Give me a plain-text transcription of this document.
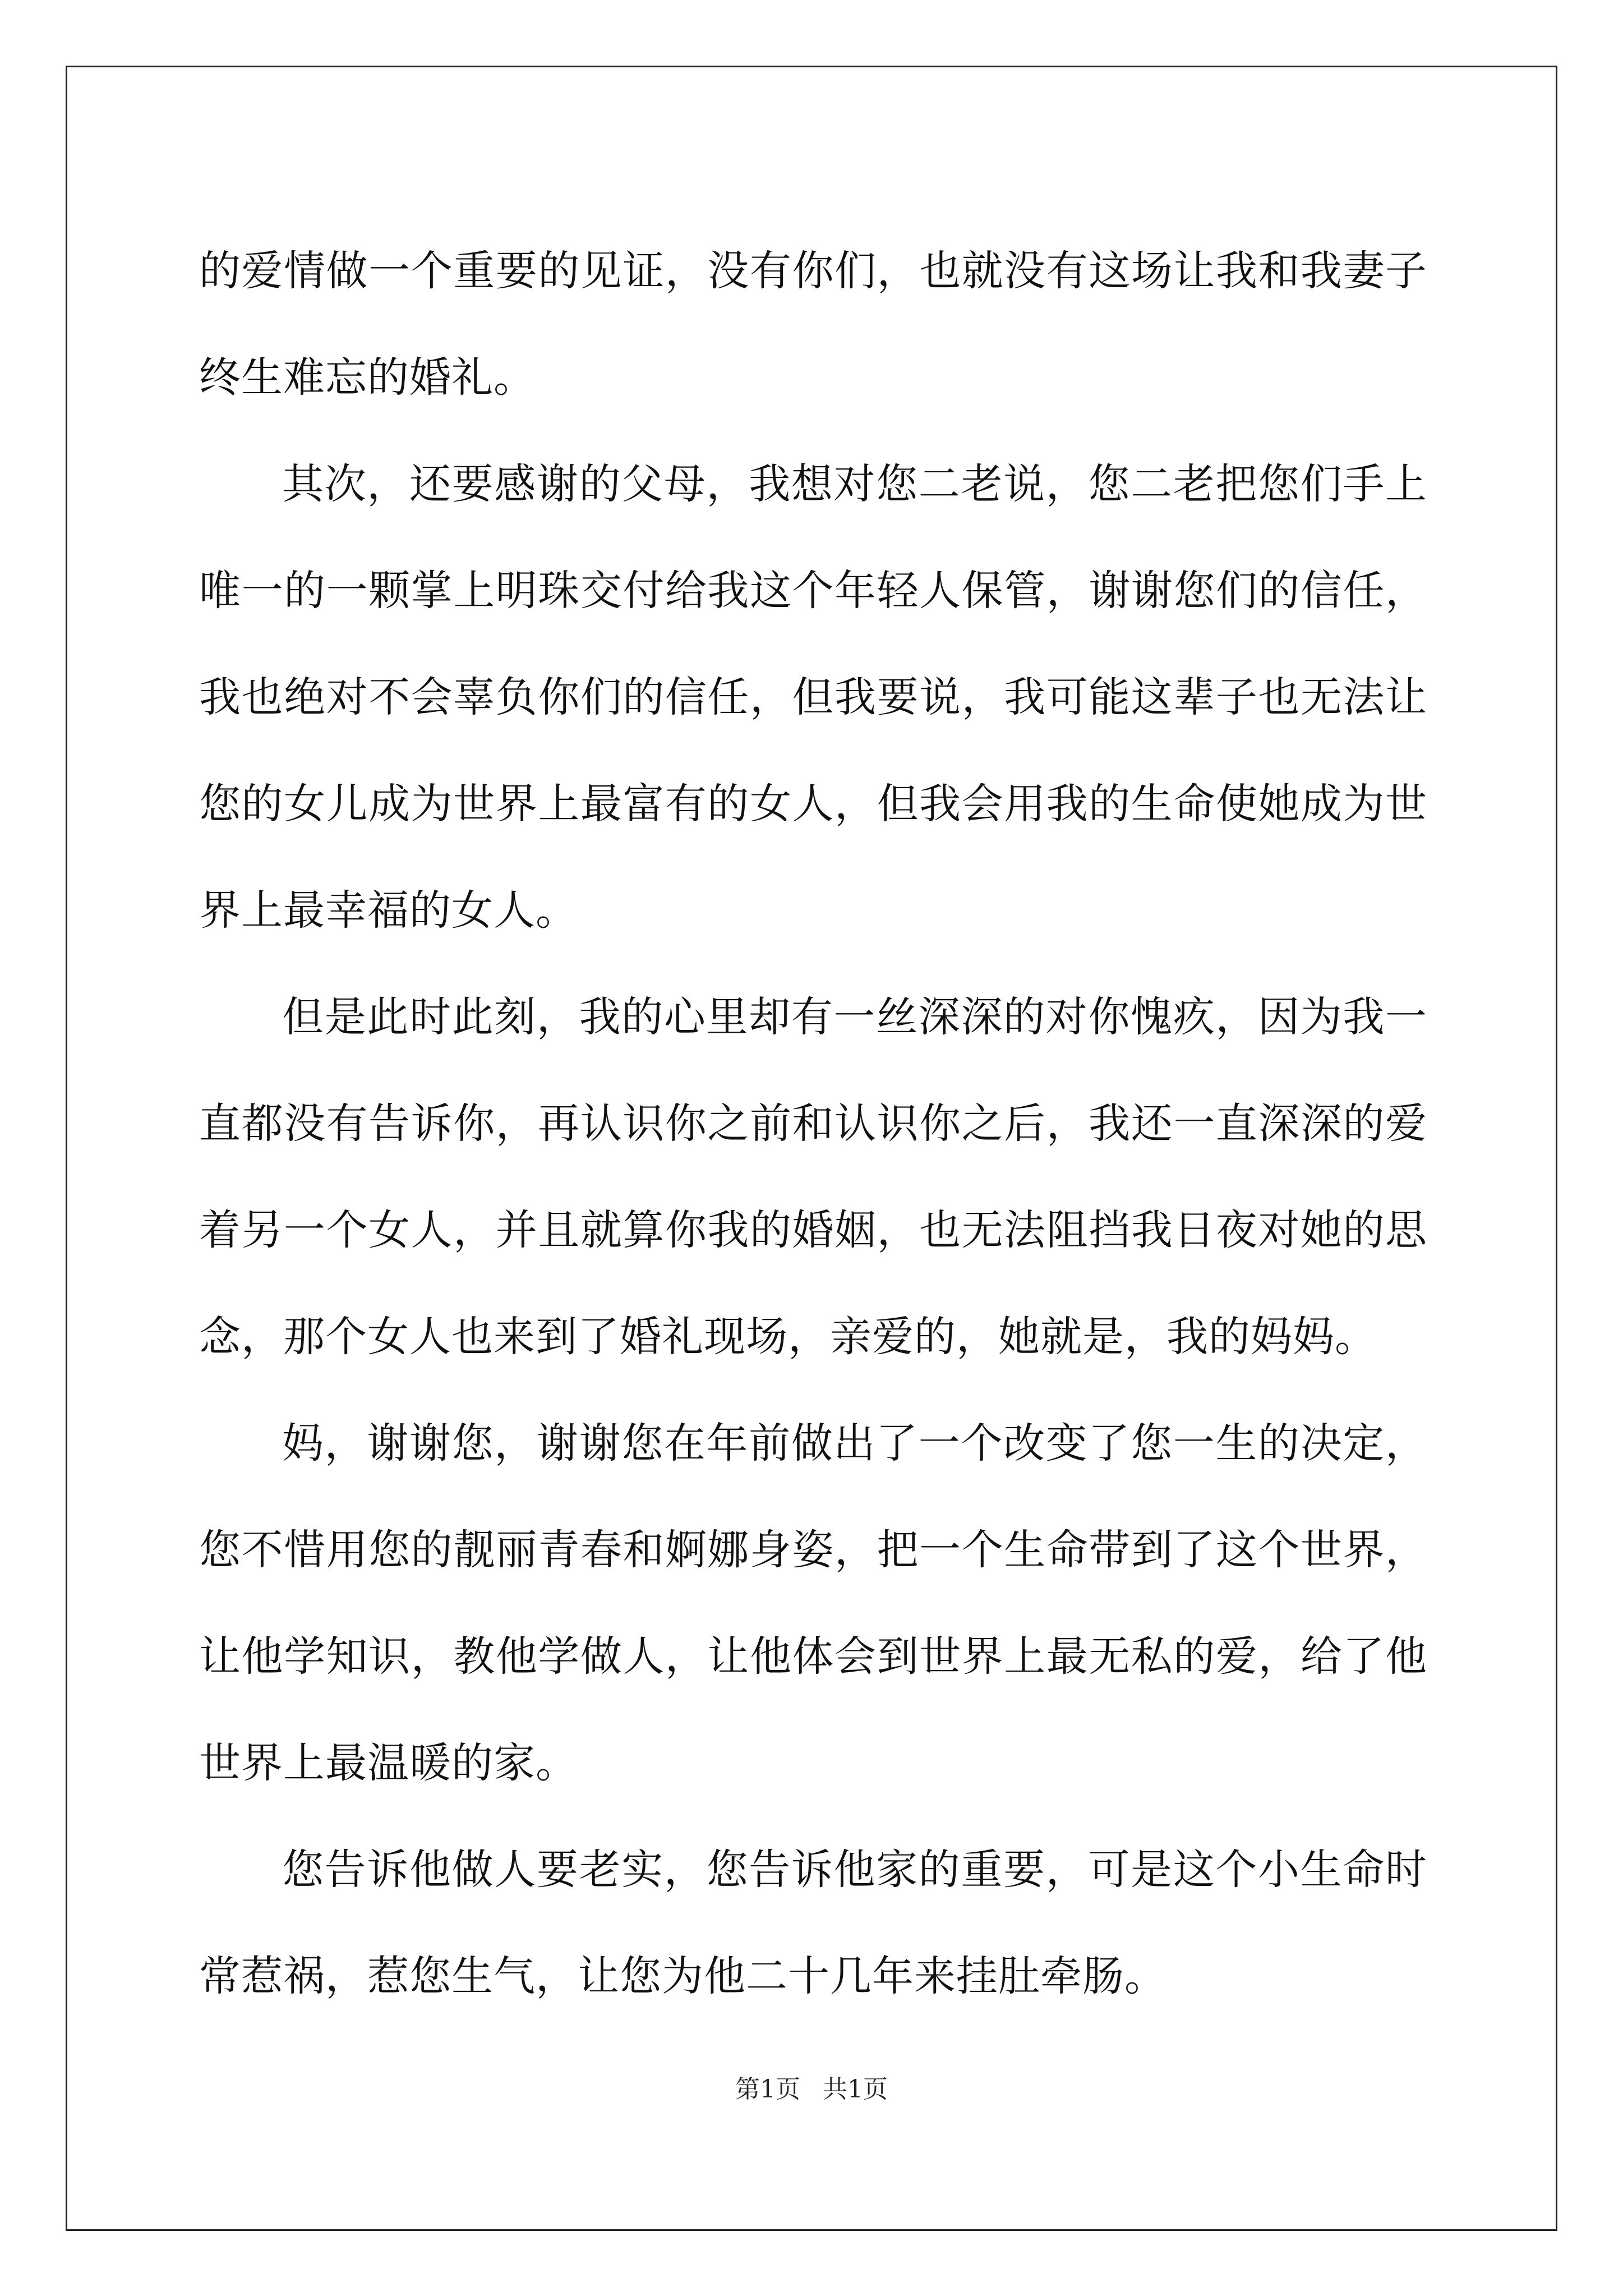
的爱情做一个重要的见证，没有你们，也就没有这场让我和我妻子终生难忘的婚礼。

其次，还要感谢的父母，我想对您二老说，您二老把您们手上唯一的一颗掌上明珠交付给我这个年轻人保管，谢谢您们的信任，我也绝对不会辜负你们的信任，但我要说，我可能这辈子也无法让您的女儿成为世界上最富有的女人，但我会用我的生命使她成为世界上最幸福的女人。

但是此时此刻，我的心里却有一丝深深的对你愧疚，因为我一直都没有告诉你，再认识你之前和认识你之后，我还一直深深的爱着另一个女人，并且就算你我的婚姻，也无法阻挡我日夜对她的思念，那个女人也来到了婚礼现场，亲爱的，她就是，我的妈妈。

妈，谢谢您，谢谢您在年前做出了一个改变了您一生的决定，您不惜用您的靓丽青春和婀娜身姿，把一个生命带到了这个世界，让他学知识，教他学做人，让他体会到世界上最无私的爱，给了他世界上最温暖的家。

您告诉他做人要老实，您告诉他家的重要，可是这个小生命时常惹祸，惹您生气，让您为他二十几年来挂肚牵肠。

第1页 共1页
